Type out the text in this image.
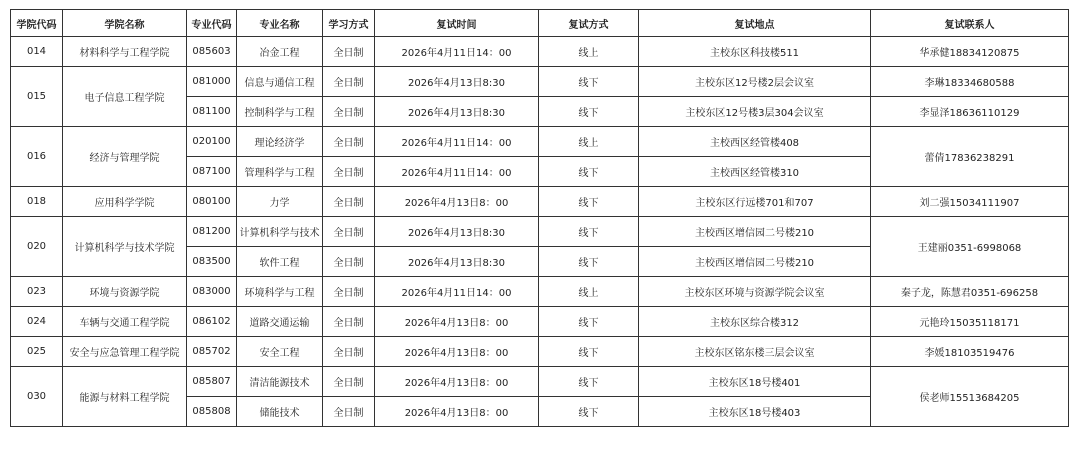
学院代码	学院名称	专业代码	专业名称	学习方式	复试时间	复试方式	复试地点	复试联系人
014	材料科学与工程学院	085603	冶金工程	全日制	2026年4月11日14：00	线上	主校东区科技楼511	华承健18834120875
015	电子信息工程学院	081000	信息与通信工程	全日制	2026年4月13日8:30	线下	主校东区12号楼2层会议室	李琳18334680588
		081100	控制科学与工程	全日制	2026年4月13日8:30	线下	主校东区12号楼3层304会议室	李显泽18636110129
016	经济与管理学院	020100	理论经济学	全日制	2026年4月11日14：00	线上	主校西区经管楼408	蕾倩17836238291
		087100	管理科学与工程	全日制	2026年4月11日14：00	线下	主校西区经管楼310	
018	应用科学学院	080100	力学	全日制	2026年4月13日8：00	线下	主校东区行远楼701和707	刘二强15034111907
020	计算机科学与技术学院	081200	计算机科学与技术	全日制	2026年4月13日8:30	线下	主校西区增信园二号楼210	王建丽0351-6998068
		083500	软件工程	全日制	2026年4月13日8:30	线下	主校西区增信园二号楼210	
023	环境与资源学院	083000	环境科学与工程	全日制	2026年4月11日14：00	线上	主校东区环境与资源学院会议室	秦子龙，陈慧君0351-696258
024	车辆与交通工程学院	086102	道路交通运输	全日制	2026年4月13日8：00	线下	主校东区综合楼312	元艳玲15035118171
025	安全与应急管理工程学院	085702	安全工程	全日制	2026年4月13日8：00	线下	主校东区铭东楼三层会议室	李媛18103519476
030	能源与材料工程学院	085807	清洁能源技术	全日制	2026年4月13日8：00	线下	主校东区18号楼401	侯老师15513684205
		085808	储能技术	全日制	2026年4月13日8：00	线下	主校东区18号楼403	
